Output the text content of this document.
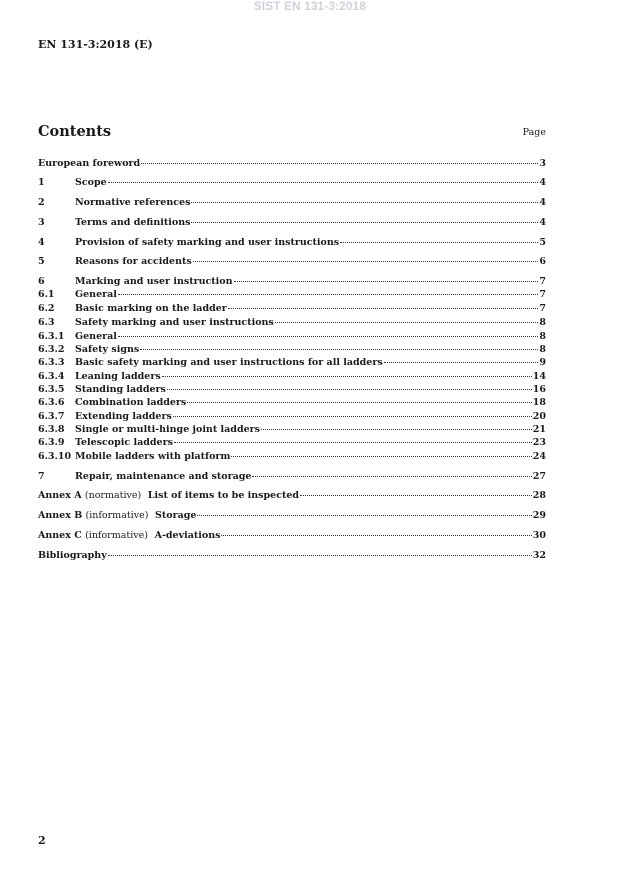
SIST EN 131-3:2018
EN 131-3:2018 (E)
Contents	Page
European foreword	3
1	Scope	4
2	Normative references	4
3	Terms and definitions	4
4	Provision of safety marking and user instructions	5
5	Reasons for accidents	6
6	Marking and user instruction	7
6.1	General	7
6.2	Basic marking on the ladder	7
6.3	Safety marking and user instructions	8
6.3.1	General	8
6.3.2	Safety signs	8
6.3.3	Basic safety marking and user instructions for all ladders	9
6.3.4	Leaning ladders	14
6.3.5	Standing ladders	16
6.3.6	Combination ladders	18
6.3.7	Extending ladders	20
6.3.8	Single or multi-hinge joint ladders	21
6.3.9	Telescopic ladders	23
6.3.10 Mobile ladders with platform	24
7	Repair, maintenance and storage	27
Annex A (normative) List of items to be inspected	28
Annex B (informative) Storage	29
Annex C (informative) A-deviations	30
Bibliography	32
2
